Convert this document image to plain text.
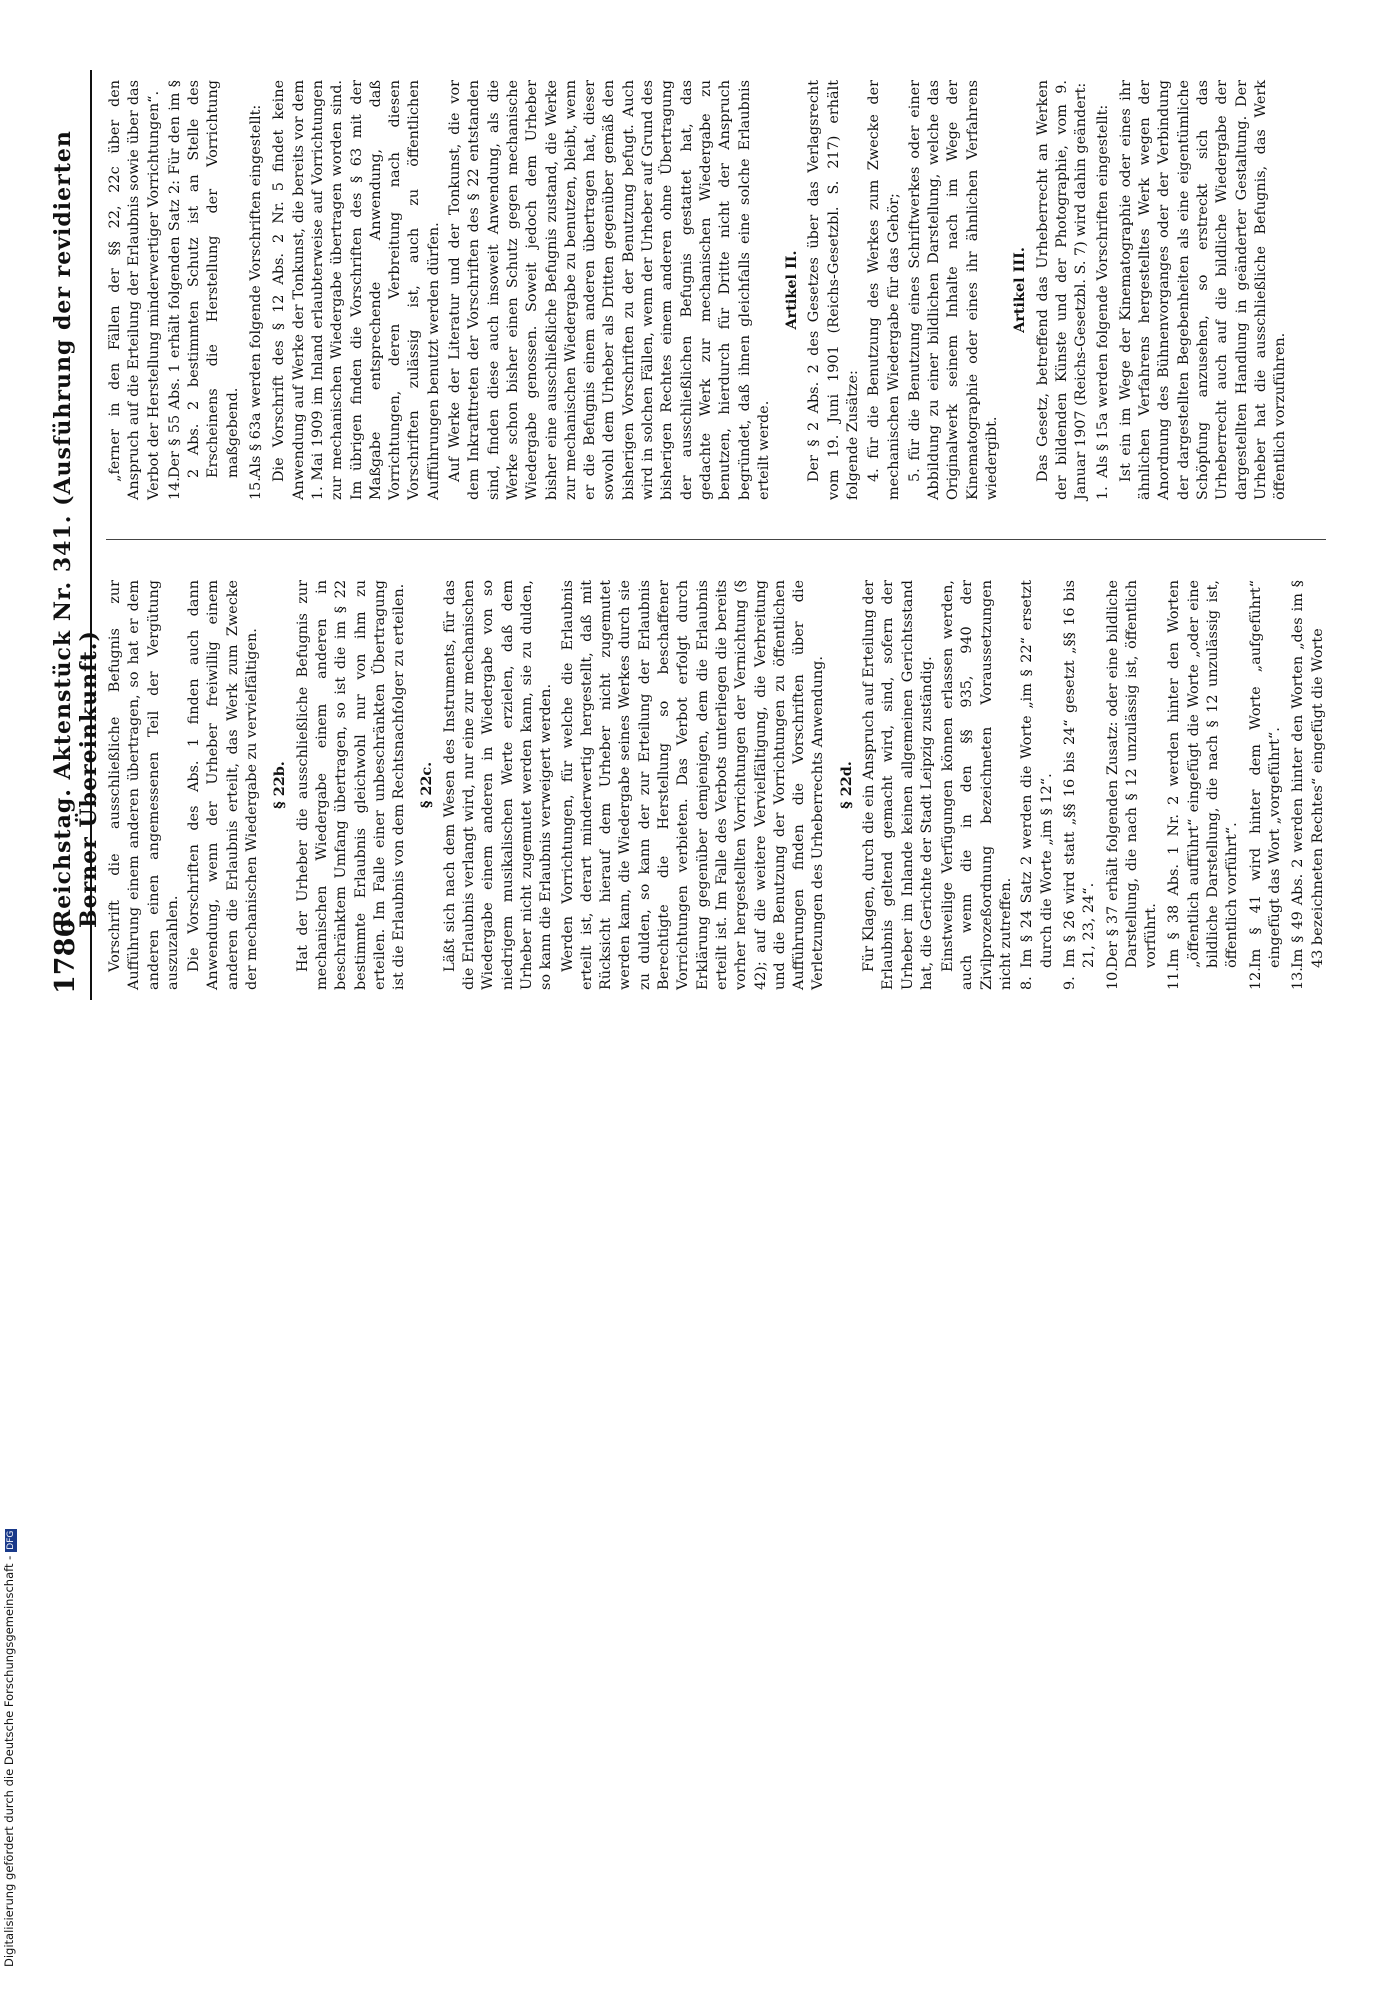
1786
Reichstag. Aktenstück Nr. 341. (Ausführung der revidierten Berner Übereinkunft.) Vorschrift die ausschließliche Befugnis zur Aufführung einem anderen übertragen, so hat er dem anderen einen angemessenen Teil der Vergütung auszuzahlen. Die Vorschriften des Abs. 1 finden auch dann Anwendung, wenn der Urheber freiwillig einem anderen die Erlaubnis erteilt, das Werk zum Zwecke der mechanischen Wiedergabe zu vervielfältigen. § 22b. Hat der Urheber die ausschließliche Befugnis zur mechanischen Wiedergabe einem anderen in beschränktem Umfang übertragen, so ist die im § 22 bestimmte Erlaubnis gleichwohl nur von ihm zu erteilen. Im Falle einer unbeschränkten Übertragung ist die Erlaubnis von dem Rechtsnachfolger zu erteilen. § 22c. Läßt sich nach dem Wesen des Instruments, für das die Erlaubnis verlangt wird, nur eine zur mechanischen Wiedergabe einem anderen in Wiedergabe von so niedrigem musikalischen Werte erzielen, daß dem Urheber nicht zugemutet werden kann, sie zu dulden, so kann die Erlaubnis verweigert werden. Werden Vorrichtungen, für welche die Erlaubnis erteilt ist, derart minderwertig hergestellt, daß mit Rücksicht hierauf dem Urheber nicht zugemutet werden kann, die Wiedergabe seines Werkes durch sie zu dulden, so kann der zur Erteilung der Erlaubnis Berechtigte die Herstellung so beschaffener Vorrichtungen verbieten. Das Verbot erfolgt durch Erklärung gegenüber demjenigen, dem die Erlaubnis erteilt ist. Im Falle des Verbots unterliegen die bereits vorher hergestellten Vorrichtungen der Vernichtung (§ 42); auf die weitere Vervielfältigung, die Verbreitung und die Benutzung der Vorrichtungen zu öffentlichen Aufführungen finden die Vorschriften über die Verletzungen des Urheberrechts Anwendung. § 22d. Für Klagen, durch die ein Anspruch auf Erteilung der Erlaubnis geltend gemacht wird, sind, sofern der Urheber im Inlande keinen allgemeinen Gerichtsstand hat, die Gerichte der Stadt Leipzig zuständig. Einstweilige Verfügungen können erlassen werden, auch wenn die in den §§ 935, 940 der Zivilprozeßordnung bezeichneten Voraussetzungen nicht zutreffen. 8.
Im § 24 Satz 2 werden die Worte „im § 22“ ersetzt durch die Worte „im § 12“.
9.
Im § 26 wird statt „§§ 16 bis 24“ gesetzt „§§ 16 bis 21, 23, 24“.
10.
Der § 37 erhält folgenden Zusatz: oder eine bildliche Darstellung, die nach § 12 unzulässig ist, öffentlich vorführt.
11.
Im § 38 Abs. 1 Nr. 2 werden hinter den Worten „öffentlich aufführt“ eingefügt die Worte „oder eine bildliche Darstellung, die nach § 12 unzulässig ist, öffentlich vorführt“.
12.
Im § 41 wird hinter dem Worte „aufgeführt“ eingefügt das Wort „vorgeführt“.
13.
Im § 49 Abs. 2 werden hinter den Worten „des im § 43 bezeichneten Rechtes“ eingefügt die Worte

„ferner in den Fällen der §§ 22, 22c über den Anspruch auf die Erteilung der Erlaubnis sowie über das Verbot der Herstellung minderwertiger Vorrichtungen“. 14.
Der § 55 Abs. 1 erhält folgenden Satz 2: Für den im § 2 Abs. 2 bestimmten Schutz ist an Stelle des Erscheinens die Herstellung der Vorrichtung maßgebend.
15.
Als § 63a werden folgende Vorschriften eingestellt: Die Vorschrift des § 12 Abs. 2 Nr. 5 findet keine Anwendung auf Werke der Tonkunst, die bereits vor dem 1. Mai 1909 im Inland erlaubterweise auf Vorrichtungen zur mechanischen Wiedergabe übertragen worden sind. Im übrigen finden die Vorschriften des § 63 mit der Maßgabe entsprechende Anwendung, daß Vorrichtungen, deren Verbreitung nach diesen Vorschriften zulässig ist, auch zu öffentlichen Aufführungen benutzt werden dürfen. Auf Werke der Literatur und der Tonkunst, die vor dem Inkrafttreten der Vorschriften des § 22 entstanden sind, finden diese auch insoweit Anwendung, als die Werke schon bisher einen Schutz gegen mechanische Wiedergabe genossen. Soweit jedoch dem Urheber bisher eine ausschließliche Befugnis zustand, die Werke zur mechanischen Wiedergabe zu benutzen, bleibt, wenn er die Befugnis einem anderen übertragen hat, dieser sowohl dem Urheber als Dritten gegenüber gemäß den bisherigen Vorschriften zu der Benutzung befugt. Auch wird in solchen Fällen, wenn der Urheber auf Grund des bisherigen Rechtes einem anderen ohne Übertragung der ausschließlichen Befugnis gestattet hat, das gedachte Werk zur mechanischen Wiedergabe zu benutzen, hierdurch für Dritte nicht der Anspruch begründet, daß ihnen gleichfalls eine solche Erlaubnis erteilt werde.

Artikel II. Der § 2 Abs. 2 des Gesetzes über das Verlagsrecht vom 19. Juni 1901 (Reichs-Gesetzbl. S. 217) erhält folgende Zusätze: 4. für die Benutzung des Werkes zum Zwecke der mechanischen Wiedergabe für das Gehör; 5. für die Benutzung eines Schriftwerkes oder einer Abbildung zu einer bildlichen Darstellung, welche das Originalwerk seinem Inhalte nach im Wege der Kinematographie oder eines ihr ähnlichen Verfahrens wiedergibt.

Artikel III. Das Gesetz, betreffend das Urheberrecht an Werken der bildenden Künste und der Photographie, vom 9. Januar 1907 (Reichs-Gesetzbl. S. 7) wird dahin geändert: 1.
Als § 15a werden folgende Vorschriften eingestellt: Ist ein im Wege der Kinematographie oder eines ihr ähnlichen Verfahrens hergestelltes Werk wegen der Anordnung des Bühnenvorganges oder der Verbindung der dargestellten Begebenheiten als eine eigentümliche Schöpfung anzusehen, so erstreckt sich das Urheberrecht auch auf die bildliche Wiedergabe der dargestellten Handlung in geänderter Gestaltung. Der Urheber hat die ausschließliche Befugnis, das Werk öffentlich vorzuführen.

Digitalisierung gefördert durch die Deutsche Forschungsgemeinschaft -DFG
